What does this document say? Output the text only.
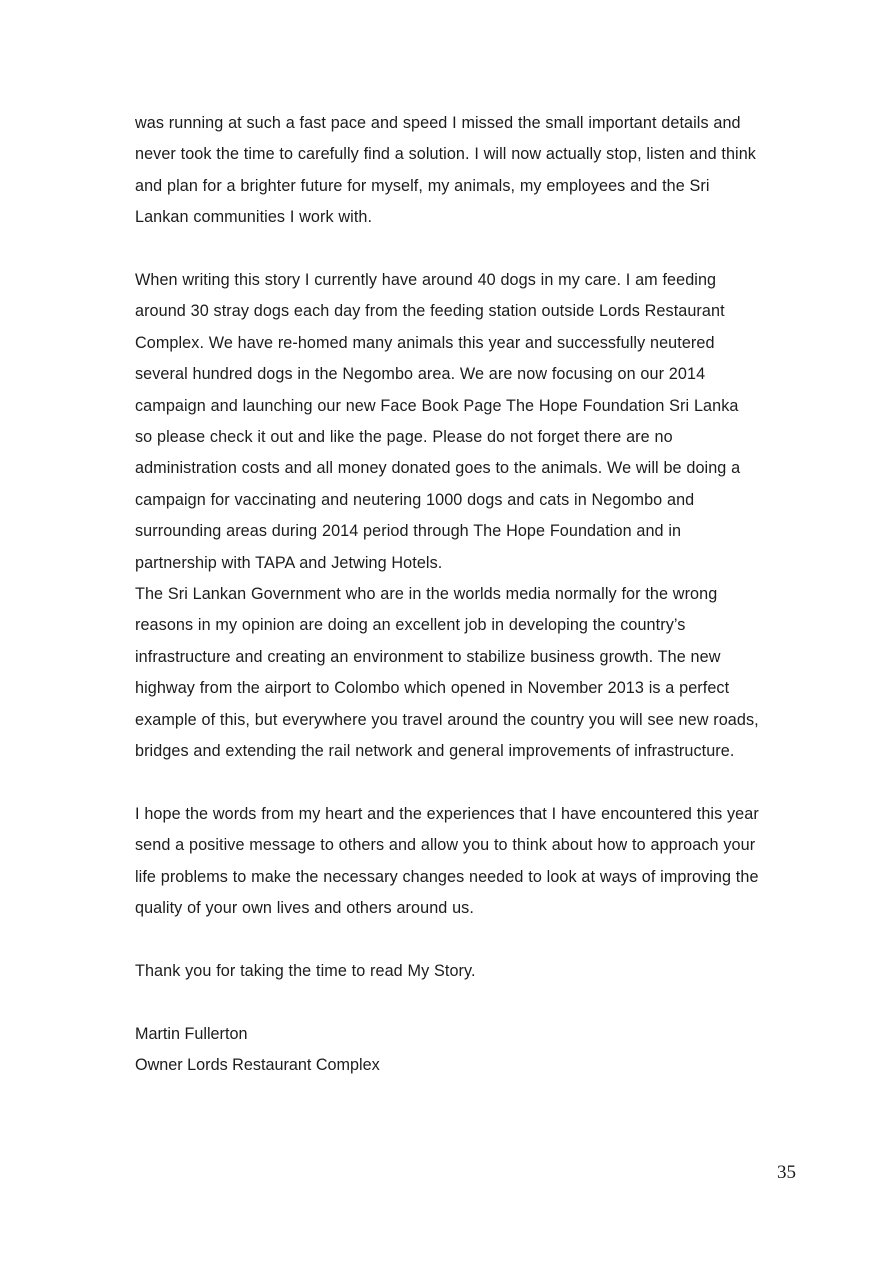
was running at such a fast pace and speed I missed the small important details and never took the time to carefully find a solution. I will now actually stop, listen and think and plan for a brighter future for myself, my animals, my employees and the Sri Lankan communities I work with.

When writing this story I currently have around 40 dogs in my care. I am feeding around 30 stray dogs each day from the feeding station outside Lords Restaurant Complex. We have re-homed many animals this year and successfully neutered several hundred dogs in the Negombo area. We are now focusing on our 2014 campaign and launching our new Face Book Page The Hope Foundation Sri Lanka so please check it out and like the page. Please do not forget there are no administration costs and all money donated goes to the animals. We will be doing a campaign for vaccinating and neutering 1000 dogs and cats in Negombo and surrounding areas during 2014 period through The Hope Foundation and in partnership with TAPA and Jetwing Hotels.

The Sri Lankan Government who are in the worlds media normally for the wrong reasons in my opinion are doing an excellent job in developing the country’s infrastructure and creating an environment to stabilize business growth. The new highway from the airport to Colombo which opened in November 2013 is a perfect example of this, but everywhere you travel around the country you will see new roads, bridges and extending the rail network and general improvements of infrastructure.

I hope the words from my heart and the experiences that I have encountered this year send a positive message to others and allow you to think about how to approach your life problems to make the necessary changes needed to look at ways of improving the quality of your own lives and others around us.

Thank you for taking the time to read My Story.

Martin Fullerton

Owner Lords Restaurant Complex

35
